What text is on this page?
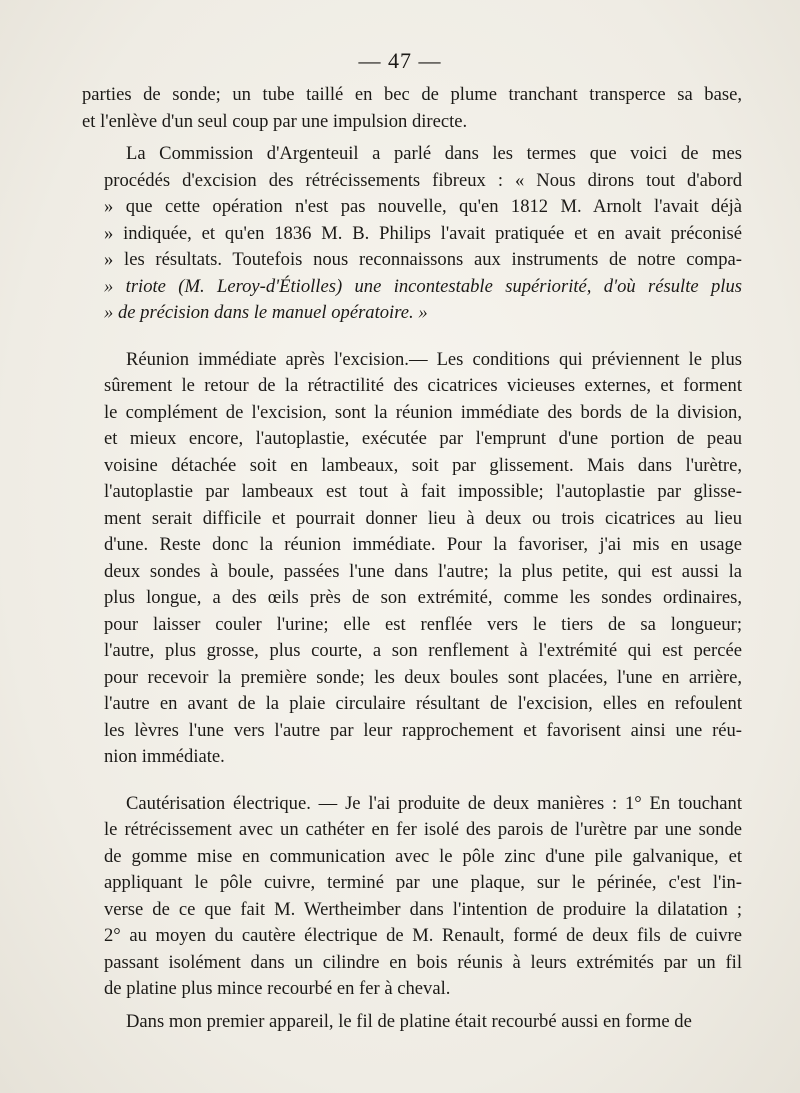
— 47 —
parties de sonde; un tube taillé en bec de plume tranchant transperce sa base,
et l'enlève d'un seul coup par une impulsion directe.
La Commission d'Argenteuil a parlé dans les termes que voici de mes
procédés d'excision des rétrécissements fibreux : « Nous dirons tout d'abord
» que cette opération n'est pas nouvelle, qu'en 1812 M. Arnolt l'avait déjà
» indiquée, et qu'en 1836 M. B. Philips l'avait pratiquée et en avait préconisé
» les résultats. Toutefois nous reconnaissons aux instruments de notre compa-
» triote (M. Leroy-d'Étiolles) une incontestable supériorité, d'où résulte plus
» de précision dans le manuel opératoire. »
Réunion immédiate après l'excision.— Les conditions qui préviennent le plus
sûrement le retour de la rétractilité des cicatrices vicieuses externes, et forment
le complément de l'excision, sont la réunion immédiate des bords de la division,
et mieux encore, l'autoplastie, exécutée par l'emprunt d'une portion de peau
voisine détachée soit en lambeaux, soit par glissement. Mais dans l'urètre,
l'autoplastie par lambeaux est tout à fait impossible; l'autoplastie par glisse-
ment serait difficile et pourrait donner lieu à deux ou trois cicatrices au lieu
d'une. Reste donc la réunion immédiate. Pour la favoriser, j'ai mis en usage
deux sondes à boule, passées l'une dans l'autre; la plus petite, qui est aussi la
plus longue, a des œils près de son extrémité, comme les sondes ordinaires,
pour laisser couler l'urine; elle est renflée vers le tiers de sa longueur;
l'autre, plus grosse, plus courte, a son renflement à l'extrémité qui est percée
pour recevoir la première sonde; les deux boules sont placées, l'une en arrière,
l'autre en avant de la plaie circulaire résultant de l'excision, elles en refoulent
les lèvres l'une vers l'autre par leur rapprochement et favorisent ainsi une réu-
nion immédiate.
Cautérisation électrique. — Je l'ai produite de deux manières : 1° En touchant
le rétrécissement avec un cathéter en fer isolé des parois de l'urètre par une sonde
de gomme mise en communication avec le pôle zinc d'une pile galvanique, et
appliquant le pôle cuivre, terminé par une plaque, sur le périnée, c'est l'in-
verse de ce que fait M. Wertheimber dans l'intention de produire la dilatation ;
2° au moyen du cautère électrique de M. Renault, formé de deux fils de cuivre
passant isolément dans un cilindre en bois réunis à leurs extrémités par un fil
de platine plus mince recourbé en fer à cheval.
Dans mon premier appareil, le fil de platine était recourbé aussi en forme de
